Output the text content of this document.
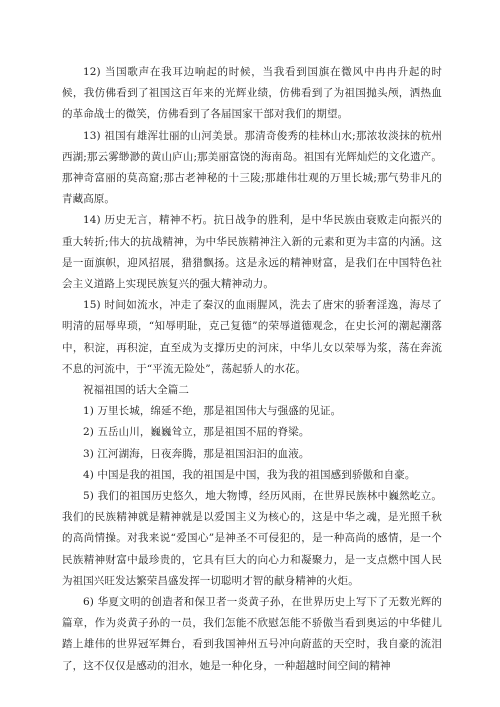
12) 当国歌声在我耳边响起的时候，当我看到国旗在微风中冉冉升起的时候，我仿佛看到了祖国这百年来的光辉业绩，仿佛看到了为祖国抛头颅，洒热血的革命战士的微笑，仿佛看到了各届国家干部对我们的期望。

13) 祖国有雄浑壮丽的山河美景。那清奇俊秀的桂林山水;那浓妆淡抹的杭州西湖;那云雾缈渺的黄山庐山;那美丽富饶的海南岛。祖国有光辉灿烂的文化遗产。那神奇富丽的莫高窟;那古老神秘的十三陵;那雄伟壮观的万里长城;那气势非凡的青藏高原。

14) 历史无言，精神不朽。抗日战争的胜利，是中华民族由衰败走向振兴的重大转折;伟大的抗战精神，为中华民族精神注入新的元素和更为丰富的内涵。这是一面旗帜，迎风招展，猎猎飘扬。这是永远的精神财富，是我们在中国特色社会主义道路上实现民族复兴的强大精神动力。

15) 时间如流水，冲走了秦汉的血雨腥风，洗去了唐宋的骄奢淫逸，海尽了明清的屈辱卑琐，“知辱明耻，克己复德”的荣辱道德观念，在史长河的潮起潮落中，积淀，再积淀，直至成为支撑历史的河床，中华儿女以荣辱为浆，荡在奔流不息的河流中，于“平流无险处”，荡起骄人的水花。

祝福祖国的话大全篇二

1) 万里长城，绵延不绝，那是祖国伟大与强盛的见证。

2) 五岳山川，巍巍耸立，那是祖国不屈的脊梁。

3) 江河湖海，日夜奔腾，那是祖国汩汩的血液。

4) 中国是我的祖国，我的祖国是中国，我为我的祖国感到骄傲和自豪。

5) 我们的祖国历史悠久，地大物博，经历风雨，在世界民族林中巍然屹立。我们的民族精神就是精神就是以爱国主义为核心的，这是中华之魂，是光照千秋的高尚情操。对我来说“爱国心”是神圣不可侵犯的，是一种高尚的感情，是一个民族精神财富中最珍贵的，它具有巨大的向心力和凝聚力，是一支点燃中国人民为祖国兴旺发达繁荣昌盛发挥一切聪明才智的献身精神的火炬。

6) 华夏文明的创造者和保卫者一炎黄子孙，在世界历史上写下了无数光辉的篇章，作为炎黄子孙的一员，我们怎能不欣慰怎能不骄傲当看到奥运的中华健儿踏上雄伟的世界冠军舞台，看到我国神州五号冲向蔚蓝的天空时，我自豪的流泪了，这不仅仅是感动的泪水，她是一种化身，一种超越时间空间的精神
